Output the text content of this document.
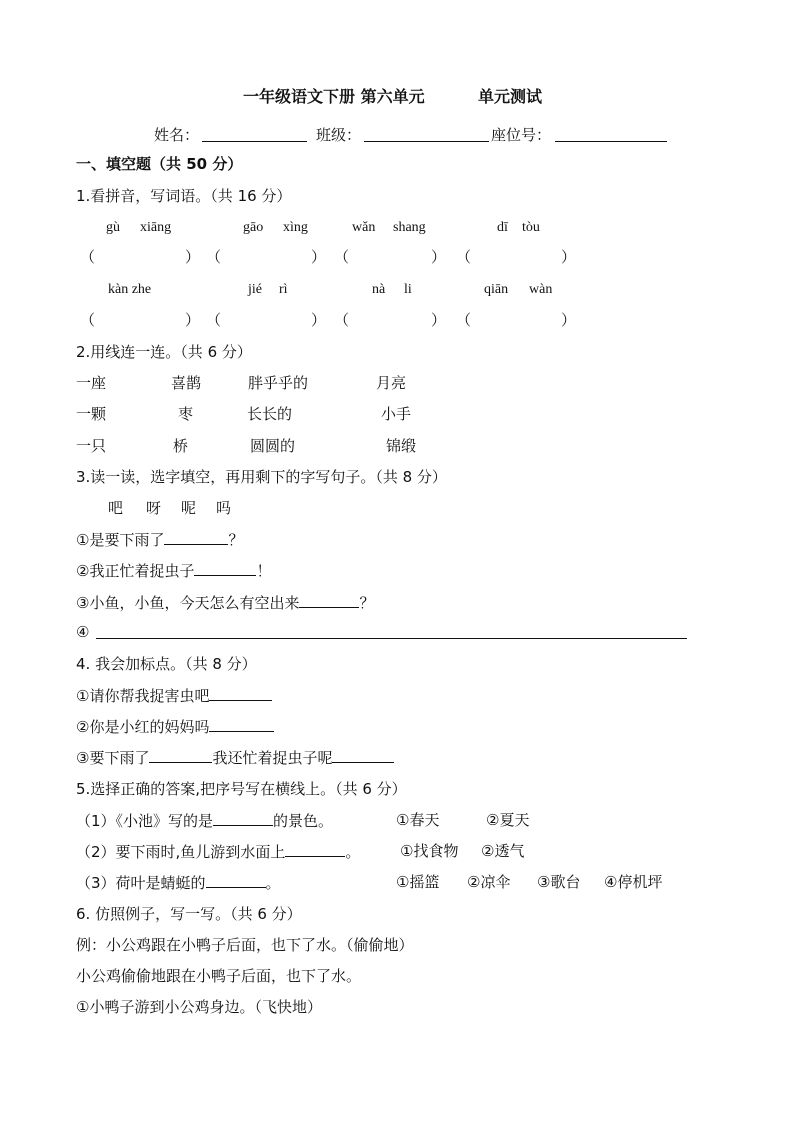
一年级语文下册 第六单元	单元测试
姓名：	班级：	座位号：
一、填空题（共 50 分）
1.看拼音，写词语。（共 16 分）
gù xiāng	gāo xìng	wǎn shang	dī tòu
（	） （	） （	） （	）
kàn zhe	jié rì	nà li	qiān wàn
（	） （	） （	） （	）
2.用线连一连。（共 6 分）
一座	喜鹊	胖乎乎的	月亮
一颗	枣	长长的	小手
一只	桥	圆圆的	锦缎
3.读一读，选字填空，再用剩下的字写句子。（共 8 分）
吧 呀 呢 吗
①是要下雨了	？
②我正忙着捉虫子	！
③小鱼，小鱼，今天怎么有空出来	？
④
4. 我会加标点。（共 8 分）
①请你帮我捉害虫吧
②你是小红的妈妈吗
③要下雨了	我还忙着捉虫子呢
5.选择正确的答案,把序号写在横线上。（共 6 分）
（1）《小池》写的是	的景色。	①春天	②夏天
（2）要下雨时,鱼儿游到水面上	。	①找食物 ②透气
（3）荷叶是蜻蜓的	。	①摇篮 ②凉伞 ③歌台 ④停机坪
6. 仿照例子，写一写。（共 6 分）
例：小公鸡跟在小鸭子后面，也下了水。（偷偷地）
小公鸡偷偷地跟在小鸭子后面，也下了水。
①小鸭子游到小公鸡身边。（飞快地）
